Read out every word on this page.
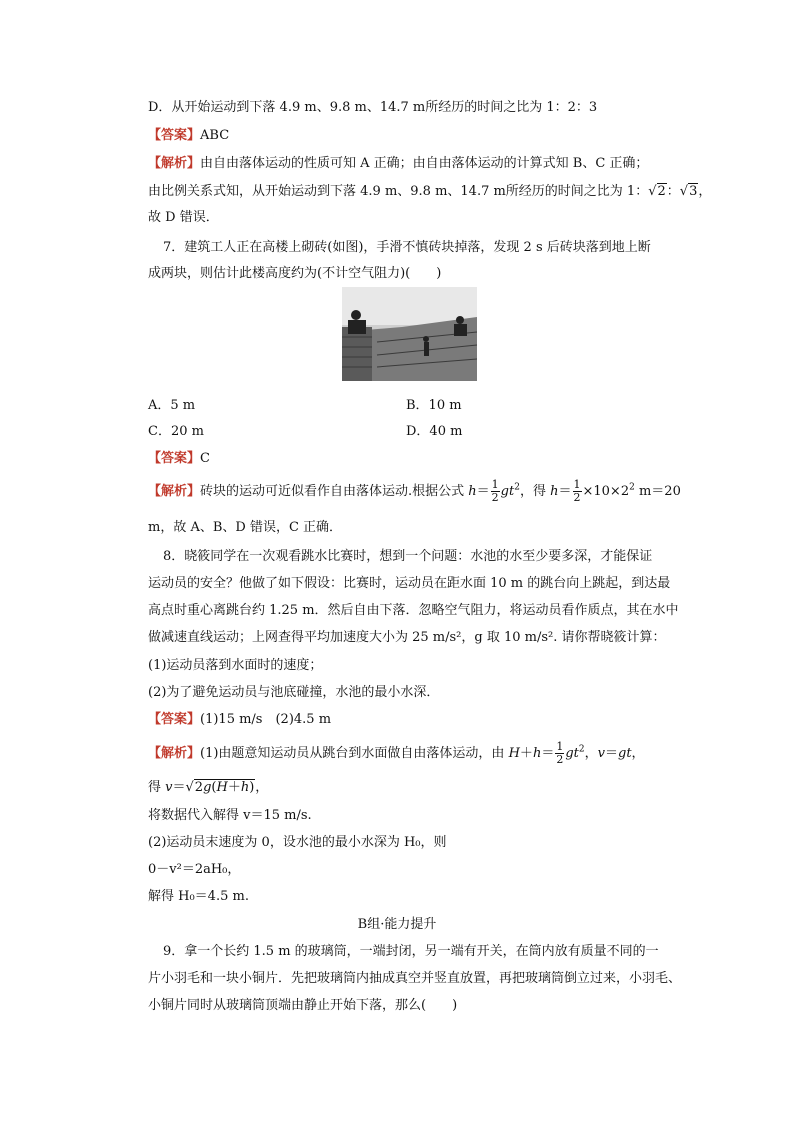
D．从开始运动到下落 4.9 m、9.8 m、14.7 m所经历的时间之比为 1：2：3
【答案】ABC
【解析】由自由落体运动的性质可知 A 正确；由自由落体运动的计算式知 B、C 正确；
由比例关系式知，从开始运动到下落 4.9 m、9.8 m、14.7 m所经历的时间之比为 1：√2：√3，
故 D 错误．
7．建筑工人正在高楼上砌砖(如图)，手滑不慎砖块掉落，发现 2 s 后砖块落到地上断
成两块，则估计此楼高度约为(不计空气阻力)(　　)
A．5 m	B．10 m
C．20 m	D．40 m
【答案】C
【解析】砖块的运动可近似看作自由落体运动.根据公式 $h= \frac{1}{2} gt^2$，得 $h= \frac{1}{2} \times 10\times 2^2$ m＝20
m，故 A、B、D 错误，C 正确．
8．晓筱同学在一次观看跳水比赛时，想到一个问题：水池的水至少要多深，才能保证
运动员的安全？他做了如下假设：比赛时，运动员在距水面 10 m 的跳台向上跳起，到达最
高点时重心离跳台约 1.25 m．然后自由下落．忽略空气阻力，将运动员看作质点，其在水中
做减速直线运动；上网查得平均加速度大小为 25 m/s²，g 取 10 m/s². 请你帮晓筱计算：
(1)运动员落到水面时的速度；
(2)为了避免运动员与池底碰撞，水池的最小水深．
【答案】(1)15 m/s　(2)4.5 m
【解析】(1)由题意知运动员从跳台到水面做自由落体运动，由 $H+h= \frac{1}{2} gt^2$，v＝gt，
得 v＝√2g(H＋h)，
将数据代入解得 v＝15 m/s.
(2)运动员末速度为 0，设水池的最小水深为 H₀，则
0－v²＝2aH₀，
解得 H₀＝4.5 m.
B组·能力提升
9．拿一个长约 1.5 m 的玻璃筒，一端封闭，另一端有开关，在筒内放有质量不同的一
片小羽毛和一块小铜片．先把玻璃筒内抽成真空并竖直放置，再把玻璃筒倒立过来，小羽毛、
小铜片同时从玻璃筒顶端由静止开始下落，那么(　　)
